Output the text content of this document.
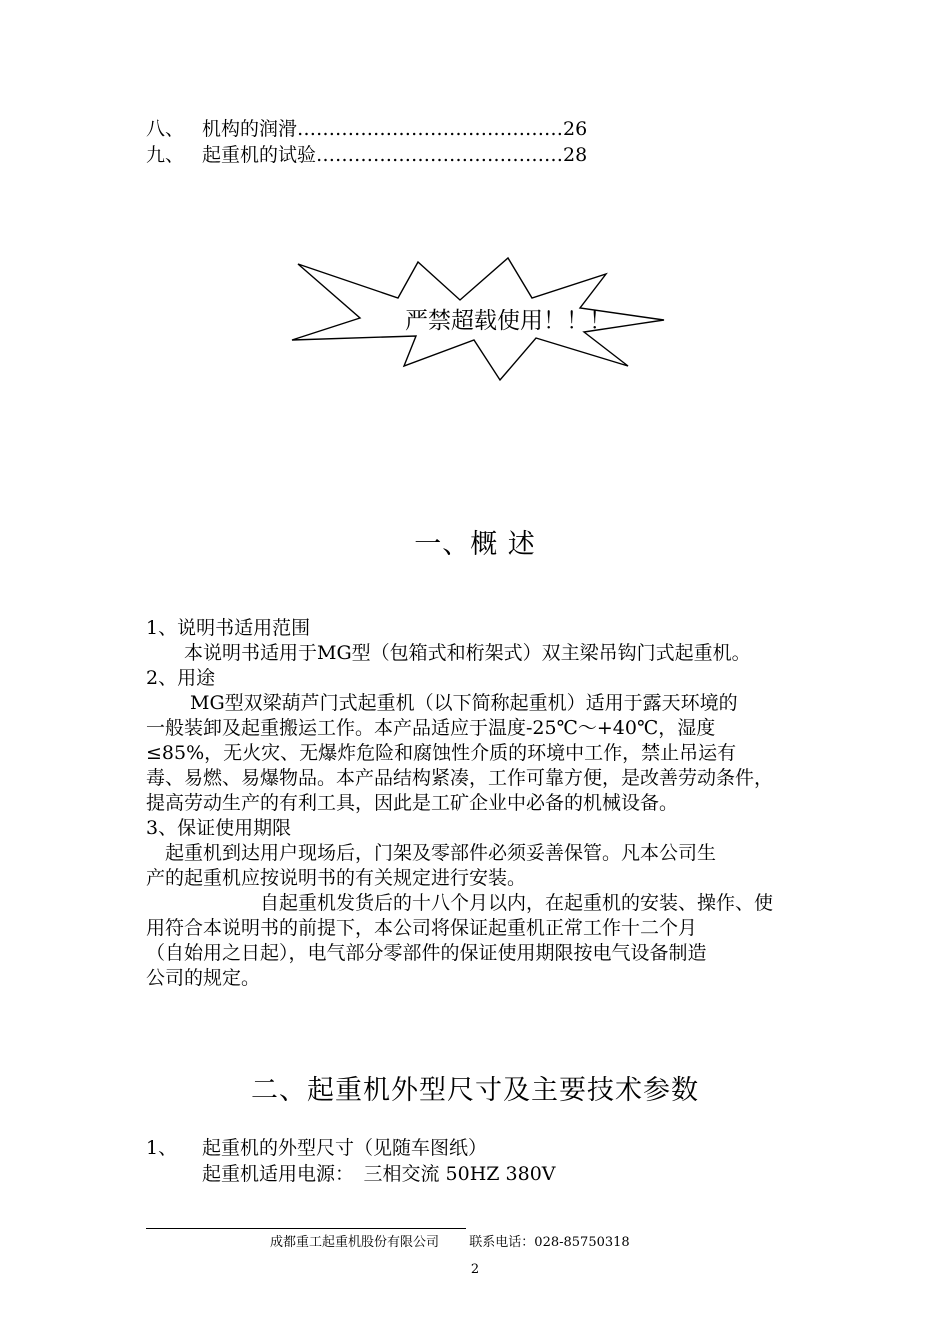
八、 机构的润滑……………………………………26
九、 起重机的试验…………………………………28
严禁超载使用！！！
一、概 述
1、说明书适用范围
　　本说明书适用于MG型（包箱式和桁架式）双主梁吊钩门式起重机。
2、用途
　　 MG型双梁葫芦门式起重机（以下简称起重机）适用于露天环境的
一般装卸及起重搬运工作。本产品适应于温度-25℃～+40℃，湿度
≤85%，无火灾、无爆炸危险和腐蚀性介质的环境中工作，禁止吊运有
毒、易燃、易爆物品。本产品结构紧凑，工作可靠方便，是改善劳动条件，
提高劳动生产的有利工具，因此是工矿企业中必备的机械设备。
3、保证使用期限
　起重机到达用户现场后，门架及零部件必须妥善保管。凡本公司生
产的起重机应按说明书的有关规定进行安装。
　　　　　　自起重机发货后的十八个月以内，在起重机的安装、操作、使
用符合本说明书的前提下，本公司将保证起重机正常工作十二个月
（自始用之日起），电气部分零部件的保证使用期限按电气设备制造
公司的规定。
二、起重机外型尺寸及主要技术参数
1、 起重机的外型尺寸（见随车图纸）
起重机适用电源：　三相交流 50HZ 380V
成都重工起重机股份有限公司 联系电话：028-85750318
2
